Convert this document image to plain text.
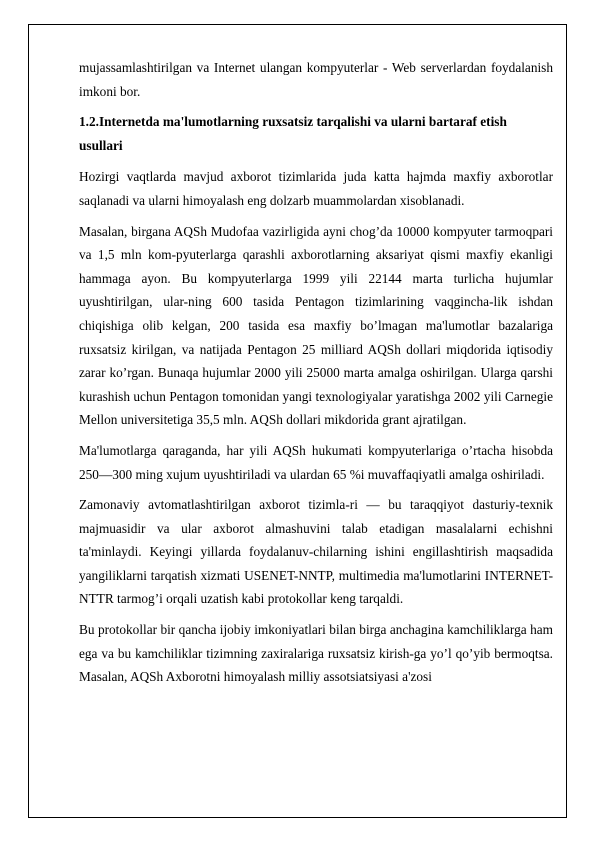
mujassamlashtirilgan va Internet ulangan kompyuterlar - Web serverlardan foydalanish imkoni bor.

1.2.Internetda ma'lumotlarning ruxsatsiz tarqalishi va ularni bartaraf etish usullari

Hozirgi vaqtlarda mavjud axborot tizimlarida juda katta hajmda maxfiy axborotlar saqlanadi va ularni himoyalash eng dolzarb muammolardan xisoblanadi.

Masalan, birgana AQSh Mudofaa vazirligida ayni chog’da 10000 kompyuter tarmoqpari va 1,5 mln kom-pyuterlarga qarashli axborotlarning aksariyat qismi maxfiy ekanligi hammaga ayon. Bu kompyuterlarga 1999 yili 22144 marta turlicha hujumlar uyushtirilgan, ular-ning 600 tasida Pentagon tizimlarining vaqgincha-lik ishdan chiqishiga olib kelgan, 200 tasida esa maxfiy bo’lmagan ma'lumotlar bazalariga ruxsatsiz kirilgan, va natijada Pentagon 25 milliard AQSh dollari miqdorida iqtisodiy zarar ko’rgan. Bunaqa hujumlar 2000 yili 25000 marta amalga oshirilgan. Ularga qarshi kurashish uchun Pentagon tomonidan yangi texnologiyalar yaratishga 2002 yili Carnegie Mellon universitetiga 35,5 mln. AQSh dollari mikdorida grant ajratilgan.

Ma'lumotlarga qaraganda, har yili AQSh hukumati kompyuterlariga o’rtacha hisobda 250—300 ming xujum uyushtiriladi va ulardan 65 %i muvaffaqiyatli amalga oshiriladi.

Zamonaviy avtomatlashtirilgan axborot tizimla-ri — bu taraqqiyot dasturiy-texnik majmuasidir va ular axborot almashuvini talab etadigan masalalarni echishni ta'minlaydi. Keyingi yillarda foydalanuv-chilarning ishini engillashtirish maqsadida yangiliklarni tarqatish xizmati USENET-NNTP, multimedia ma'lumotlarini INTERNET-NTTR tarmog’i orqali uzatish kabi protokollar keng tarqaldi.

Bu protokollar bir qancha ijobiy imkoniyatlari bilan birga anchagina kamchiliklarga ham ega va bu kamchiliklar tizimning zaxiralariga ruxsatsiz kirish-ga yo’l qo’yib bermoqtsa. Masalan, AQSh Axborotni himoyalash milliy assotsiatsiyasi a'zosi
